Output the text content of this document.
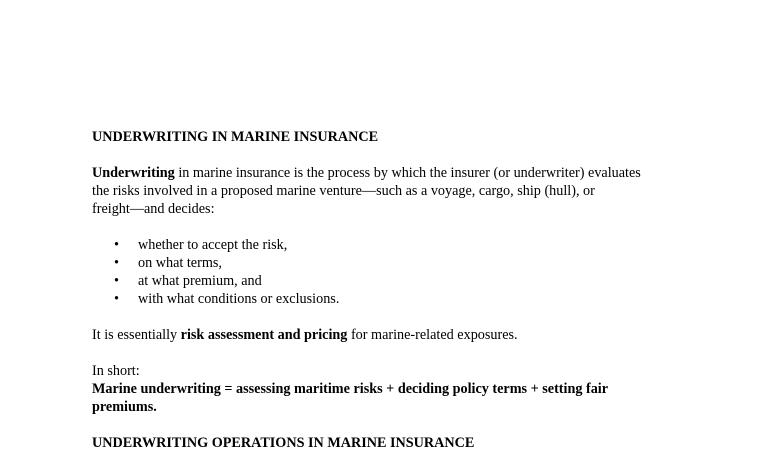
UNDERWRITING IN MARINE INSURANCE

Underwriting in marine insurance is the process by which the insurer (or underwriter) evaluates
the risks involved in a proposed marine venture—such as a voyage, cargo, ship (hull), or
freight—and decides:

• whether to accept the risk,
• on what terms,
• at what premium, and
• with what conditions or exclusions.

It is essentially risk assessment and pricing for marine-related exposures.

In short:
Marine underwriting = assessing maritime risks + deciding policy terms + setting fair
premiums.

UNDERWRITING OPERATIONS IN MARINE INSURANCE
